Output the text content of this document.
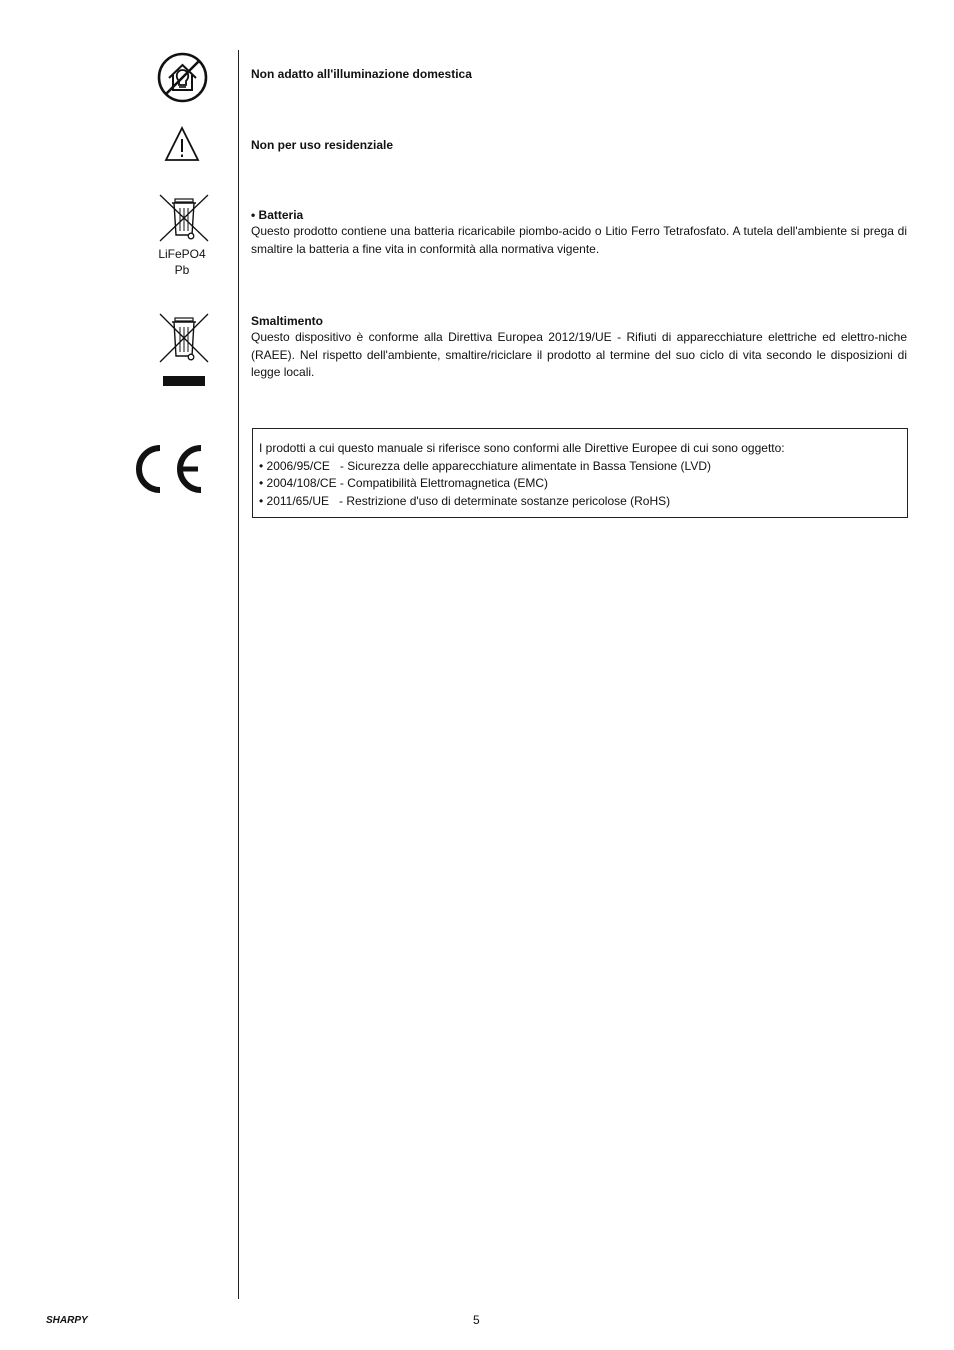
LiFePO4
Pb
Non adatto all'illuminazione domestica
Non per uso residenziale
• Batteria

Questo prodotto contiene una batteria ricaricabile piombo-acido o Litio Ferro Tetrafosfato. A tutela dell'ambiente si prega di smaltire la batteria a fine vita in conformità alla normativa vigente.

Smaltimento

Questo dispositivo è conforme alla Direttiva Europea 2012/19/UE - Rifiuti di apparecchiature elettriche ed elettro-niche (RAEE). Nel rispetto dell'ambiente, smaltire/riciclare il prodotto al termine del suo ciclo di vita secondo le disposizioni di legge locali.

I prodotti a cui questo manuale si riferisce sono conformi alle Direttive Europee di cui sono oggetto:
• 2006/95/CE   - Sicurezza delle apparecchiature alimentate in Bassa Tensione (LVD)
• 2004/108/CE - Compatibilità Elettromagnetica (EMC)
• 2011/65/UE   - Restrizione d'uso di determinate sostanze pericolose (RoHS)
SHARPY	5
